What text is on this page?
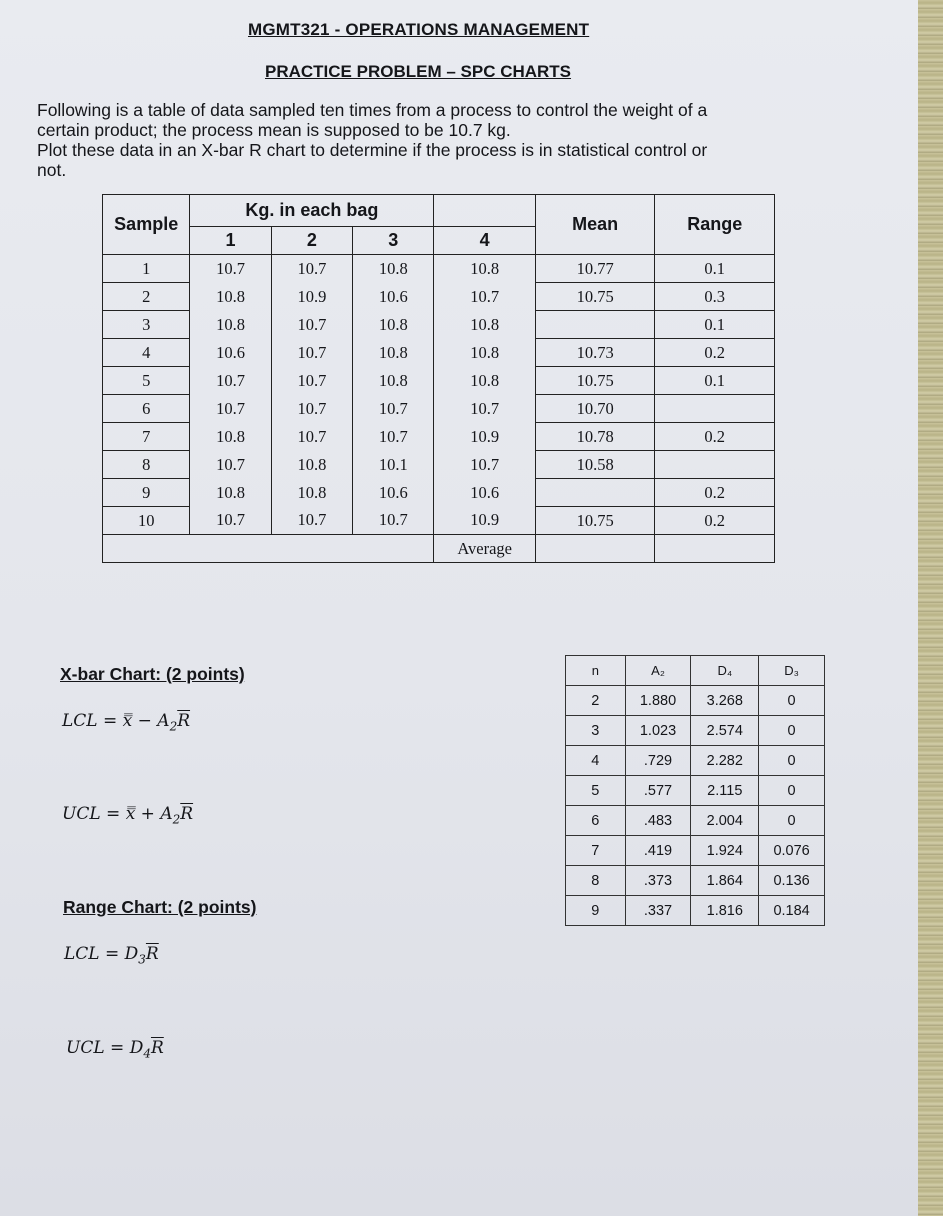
MGMT321 - OPERATIONS MANAGEMENT
PRACTICE PROBLEM – SPC CHARTS

Following is a table of data sampled ten times from a process to control the weight of a

certain product; the process mean is supposed to be 10.7 kg.

Plot these data in an X-bar R chart to determine if the process is in statistical control or

not.

Sample	Kg. in each bag				Mean	Range
	1	2	3	4		
1	10.7	10.7	10.8	10.8	10.77	0.1
2	10.8	10.9	10.6	10.7	10.75	0.3
3	10.8	10.7	10.8	10.8		0.1
4	10.6	10.7	10.8	10.8	10.73	0.2
5	10.7	10.7	10.8	10.8	10.75	0.1
6	10.7	10.7	10.7	10.7	10.70	
7	10.8	10.7	10.7	10.9	10.78	0.2
8	10.7	10.8	10.1	10.7	10.58	
9	10.8	10.8	10.6	10.6		0.2
10	10.7	10.7	10.7	10.9	10.75	0.2
				Average		
X-bar Chart: (2 points)
LCL = x̿ − $A_2\overline{R}$
UCL = x̿ + $A_2\overline{R}$
Range Chart: (2 points)
LCL = $D_3\overline{R}$
UCL = $D_4\overline{R}$
n	A₂	D₄	D₃
2	1.880	3.268	0
3	1.023	2.574	0
4	.729	2.282	0
5	.577	2.115	0
6	.483	2.004	0
7	.419	1.924	0.076
8	.373	1.864	0.136
9	.337	1.816	0.184
